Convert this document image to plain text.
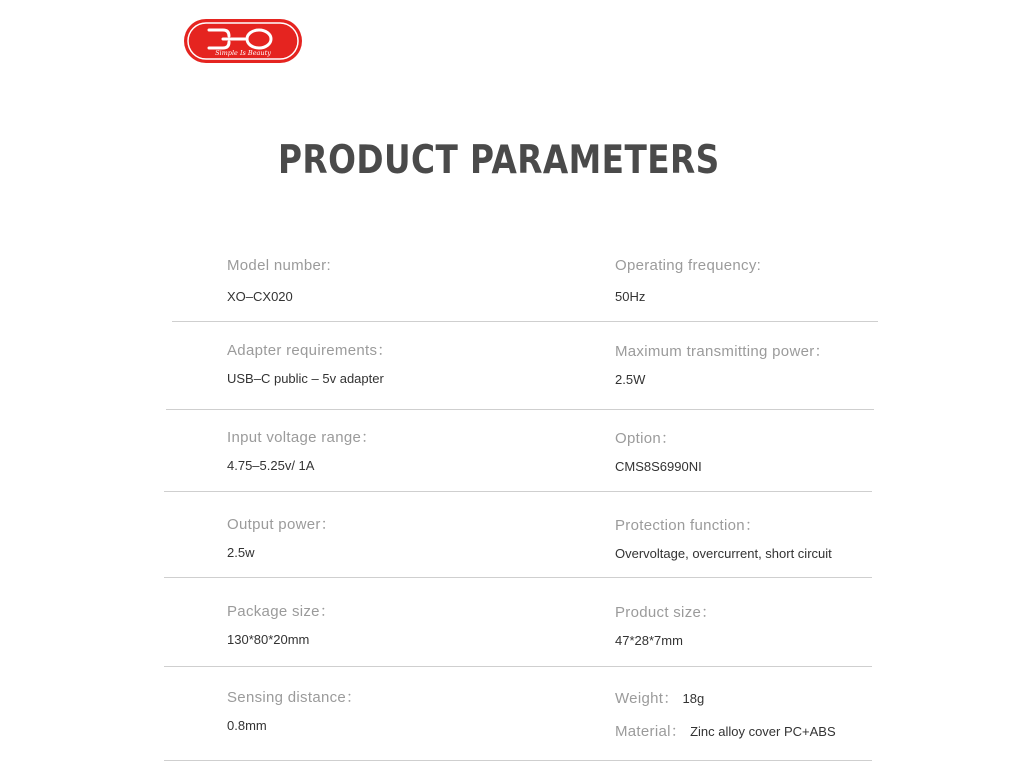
Simple Is Beauty
PRODUCT PARAMETERS
Model number:
XO–CX020
Operating frequency:
50Hz
Adapter requirements：
USB–C public – 5v adapter
Maximum transmitting power：
2.5W
Input voltage range：
4.75–5.25v/ 1A
Option：
CMS8S6990NI
Output power：
2.5w
Protection function：
Overvoltage, overcurrent, short circuit
Package size：
130*80*20mm
Product size：
47*28*7mm
Sensing distance：
0.8mm
Weight： 18g
Material： Zinc alloy cover PC+ABS
